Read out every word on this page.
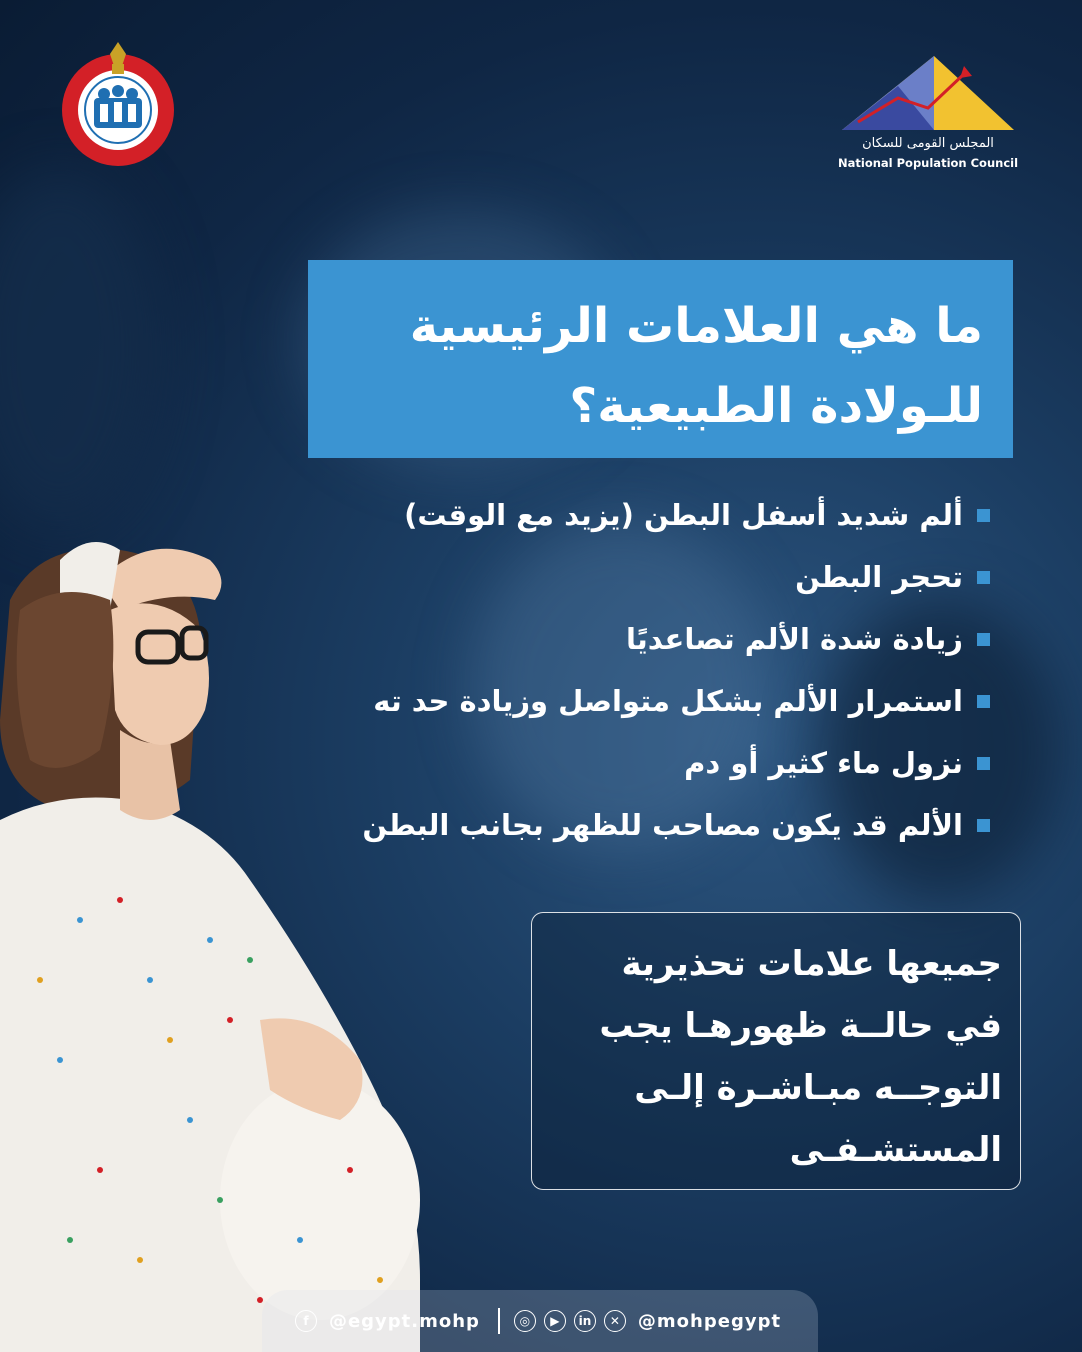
المجلس القومى للسكان
National Population Council
ما هي العلامات الرئيسية
للـولادة الطبيعية؟
ألم شديد أسفل البطن (يزيد مع الوقت)
تحجر البطن
زيادة شدة الألم تصاعديًا
استمرار الألم بشكل متواصل وزيادة حد ته
نزول ماء كثير أو دم
الألم قد يكون مصاحب للظهر بجانب البطن
جميعها علامات تحذيرية
في حالــة ظهورهـا يجب
التوجــه مبـاشـرة إلـى
المستشـفـى
f	@egypt.mohp	◎	▶	in	✕ @mohpegypt
